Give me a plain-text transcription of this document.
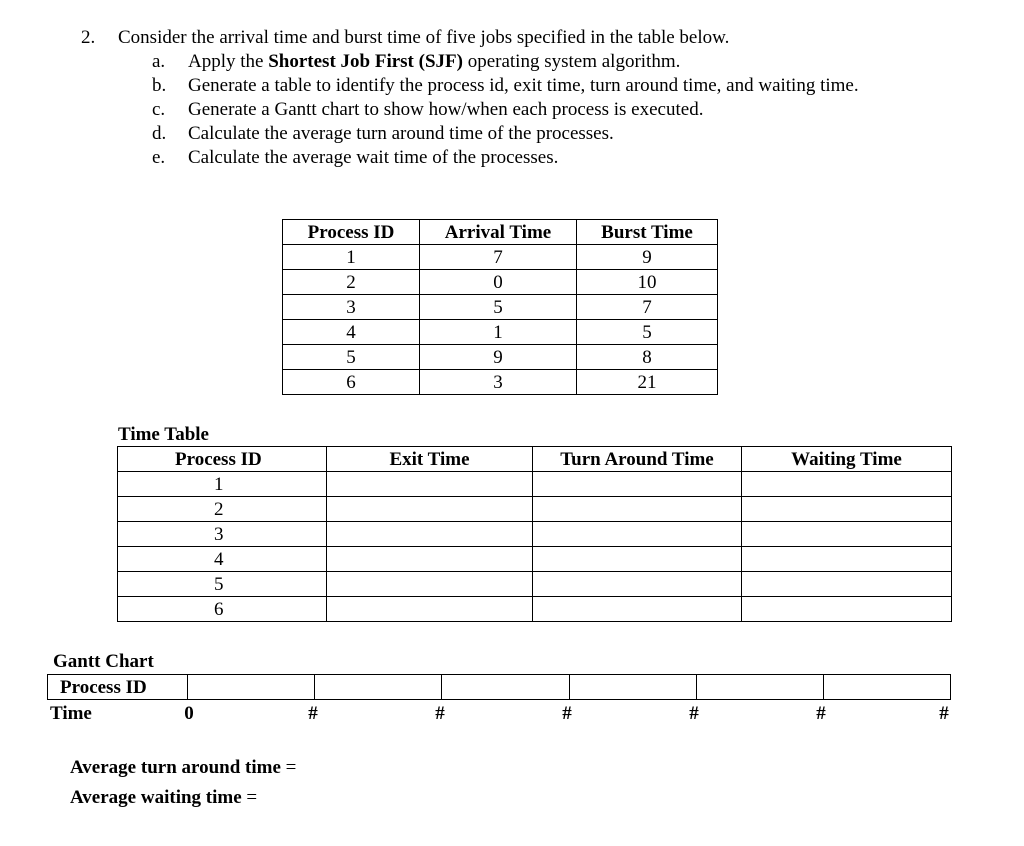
2. Consider the arrival time and burst time of five jobs specified in the table below.
a.	Apply the Shortest Job First (SJF) operating system algorithm.
b.	Generate a table to identify the process id, exit time, turn around time, and waiting time.
c.	Generate a Gantt chart to show how/when each process is executed.
d.	Calculate the average turn around time of the processes.
e.	Calculate the average wait time of the processes.
Process ID	Arrival Time	Burst Time
1	7	9
2	0	10
3	5	7
4	1	5
5	9	8
6	3	21
Time Table
Process ID	Exit Time	Turn Around Time	Waiting Time
1			
2			
3			
4			
5			
6			
Gantt Chart
Process ID						
Time	0	#	#	#	#	#	#
Average turn around time =
Average waiting time =
